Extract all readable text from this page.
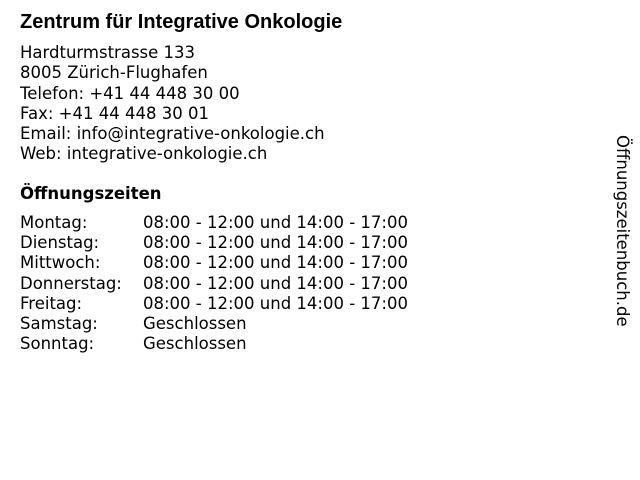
Zentrum für Integrative Onkologie
Hardturmstrasse 133
8005 Zürich-Flughafen
Telefon: +41 44 448 30 00
Fax: +41 44 448 30 01
Email: info@integrative-onkologie.ch
Web: integrative-onkologie.ch
Öffnungszeiten
Montag:	08:00 - 12:00 und 14:00 - 17:00
Dienstag:	08:00 - 12:00 und 14:00 - 17:00
Mittwoch:	08:00 - 12:00 und 14:00 - 17:00
Donnerstag: 08:00 - 12:00 und 14:00 - 17:00
Freitag:	08:00 - 12:00 und 14:00 - 17:00
Samstag:	Geschlossen
Sonntag:	Geschlossen
Öffnungszeitenbuch.de
